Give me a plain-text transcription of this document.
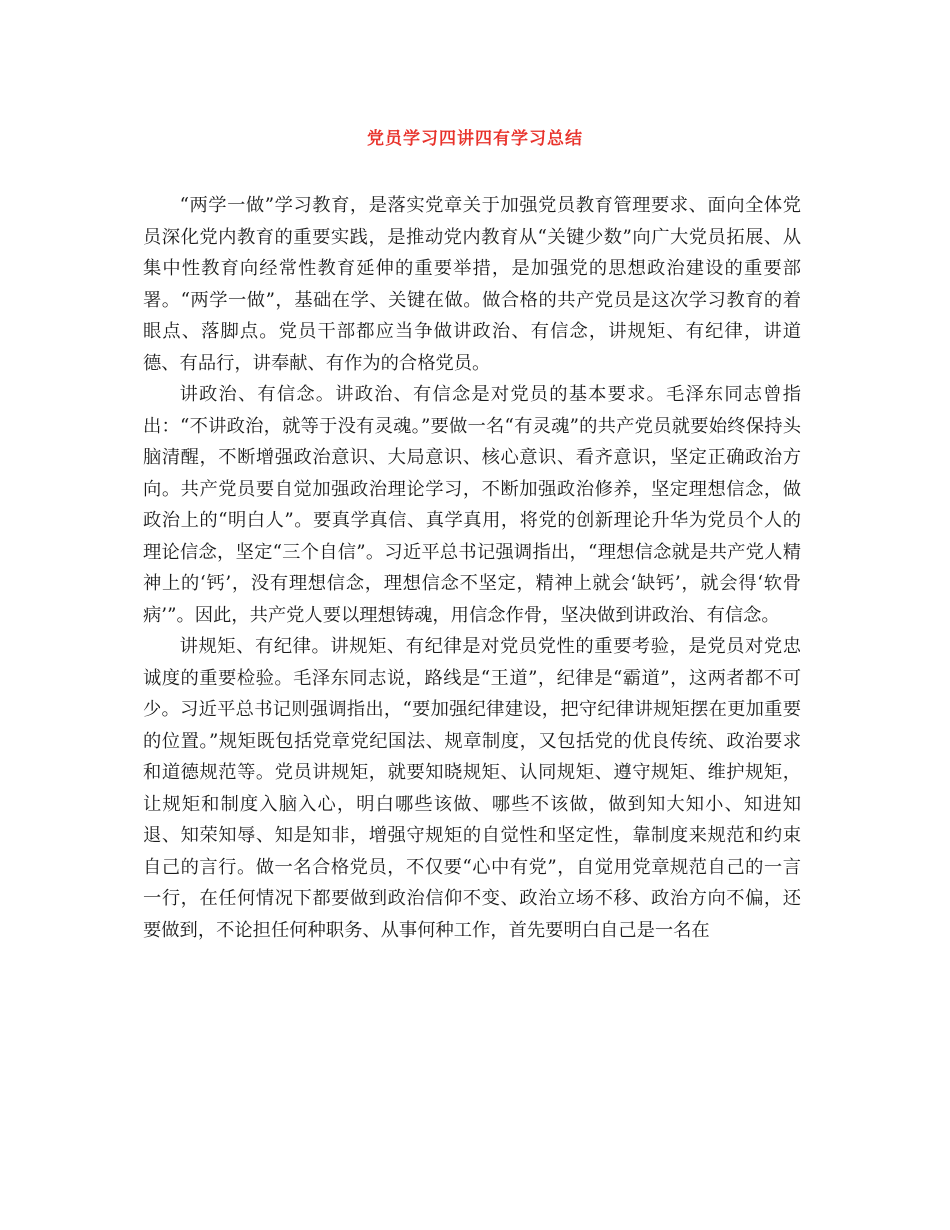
党员学习四讲四有学习总结

“两学一做”学习教育，是落实党章关于加强党员教育管理要求、面向全体党员深化党内教育的重要实践，是推动党内教育从“关键少数”向广大党员拓展、从集中性教育向经常性教育延伸的重要举措，是加强党的思想政治建设的重要部署。“两学一做”，基础在学、关键在做。做合格的共产党员是这次学习教育的着眼点、落脚点。党员干部都应当争做讲政治、有信念，讲规矩、有纪律，讲道德、有品行，讲奉献、有作为的合格党员。

讲政治、有信念。讲政治、有信念是对党员的基本要求。毛泽东同志曾指出：“不讲政治，就等于没有灵魂。”要做一名“有灵魂”的共产党员就要始终保持头脑清醒，不断增强政治意识、大局意识、核心意识、看齐意识，坚定正确政治方向。共产党员要自觉加强政治理论学习，不断加强政治修养，坚定理想信念，做政治上的“明白人”。要真学真信、真学真用，将党的创新理论升华为党员个人的理论信念，坚定“三个自信”。习近平总书记强调指出，“理想信念就是共产党人精神上的‘钙’，没有理想信念，理想信念不坚定，精神上就会‘缺钙’，就会得‘软骨病’”。因此，共产党人要以理想铸魂，用信念作骨，坚决做到讲政治、有信念。

讲规矩、有纪律。讲规矩、有纪律是对党员党性的重要考验，是党员对党忠诚度的重要检验。毛泽东同志说，路线是“王道”，纪律是“霸道”，这两者都不可少。习近平总书记则强调指出，“要加强纪律建设，把守纪律讲规矩摆在更加重要的位置。”规矩既包括党章党纪国法、规章制度，又包括党的优良传统、政治要求和道德规范等。党员讲规矩，就要知晓规矩、认同规矩、遵守规矩、维护规矩，让规矩和制度入脑入心，明白哪些该做、哪些不该做，做到知大知小、知进知退、知荣知辱、知是知非，增强守规矩的自觉性和坚定性，靠制度来规范和约束自己的言行。做一名合格党员，不仅要“心中有党”，自觉用党章规范自己的一言一行，在任何情况下都要做到政治信仰不变、政治立场不移、政治方向不偏，还要做到，不论担任何种职务、从事何种工作，首先要明白自己是一名在
